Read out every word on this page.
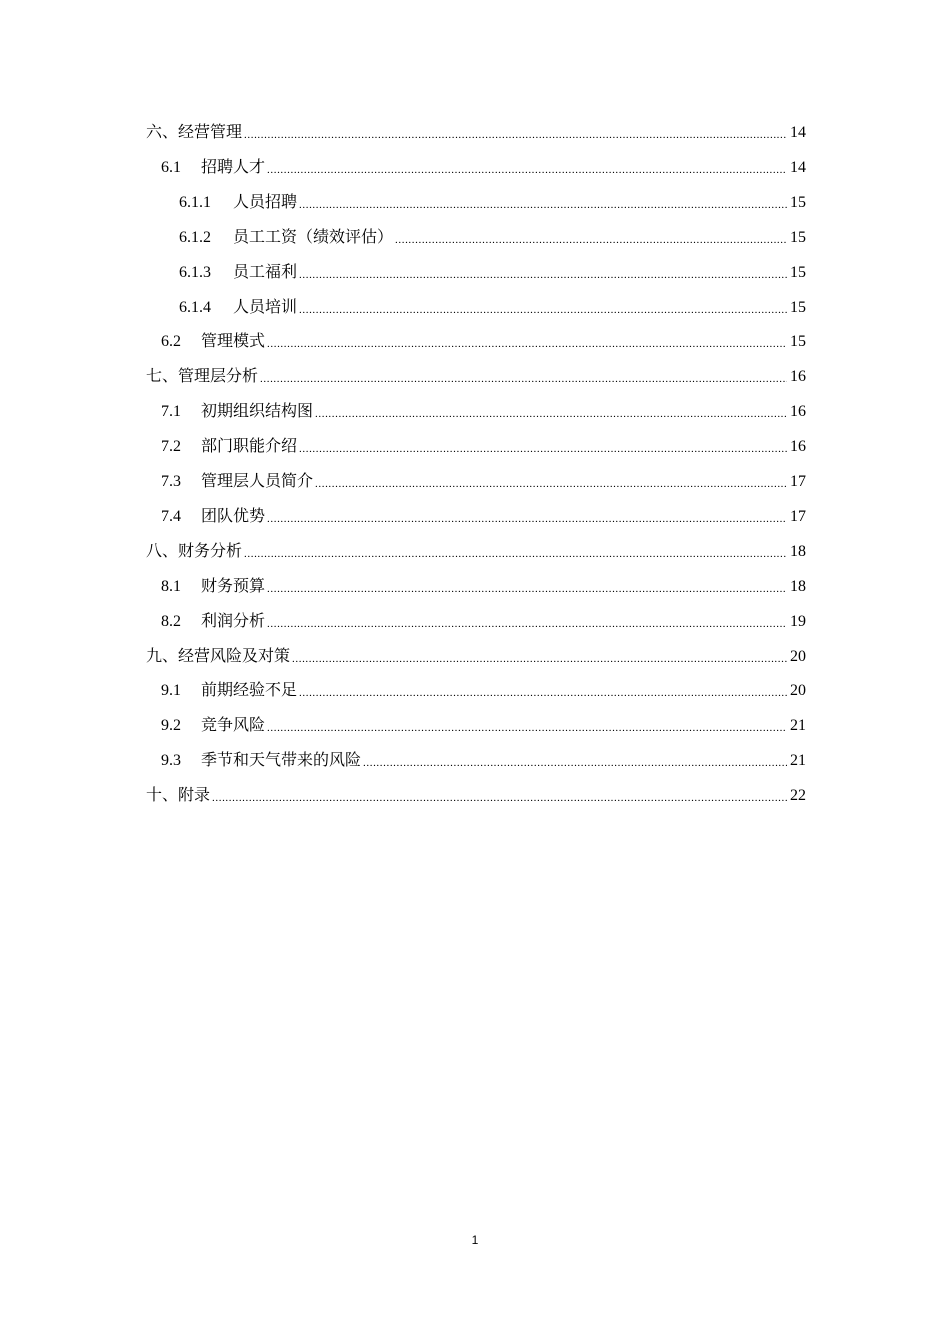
六、经营管理 .....	14
6.1	招聘人才 .....	14
6.1.1	人员招聘 .....	15
6.1.2	员工工资（绩效评估） .....	15
6.1.3	员工福利 .....	15
6.1.4	人员培训 .....	15
6.2	管理模式 .....	15
七、管理层分析 .....	16
7.1	初期组织结构图 .....	16
7.2	部门职能介绍 .....	16
7.3	管理层人员简介 .....	17
7.4	团队优势 .....	17
八、财务分析 .....	18
8.1	财务预算 .....	18
8.2	利润分析 .....	19
九、经营风险及对策 .....	20
9.1	前期经验不足 .....	20
9.2	竞争风险 .....	21
9.3	季节和天气带来的风险 .....	21
十、附录 .....	22
1
